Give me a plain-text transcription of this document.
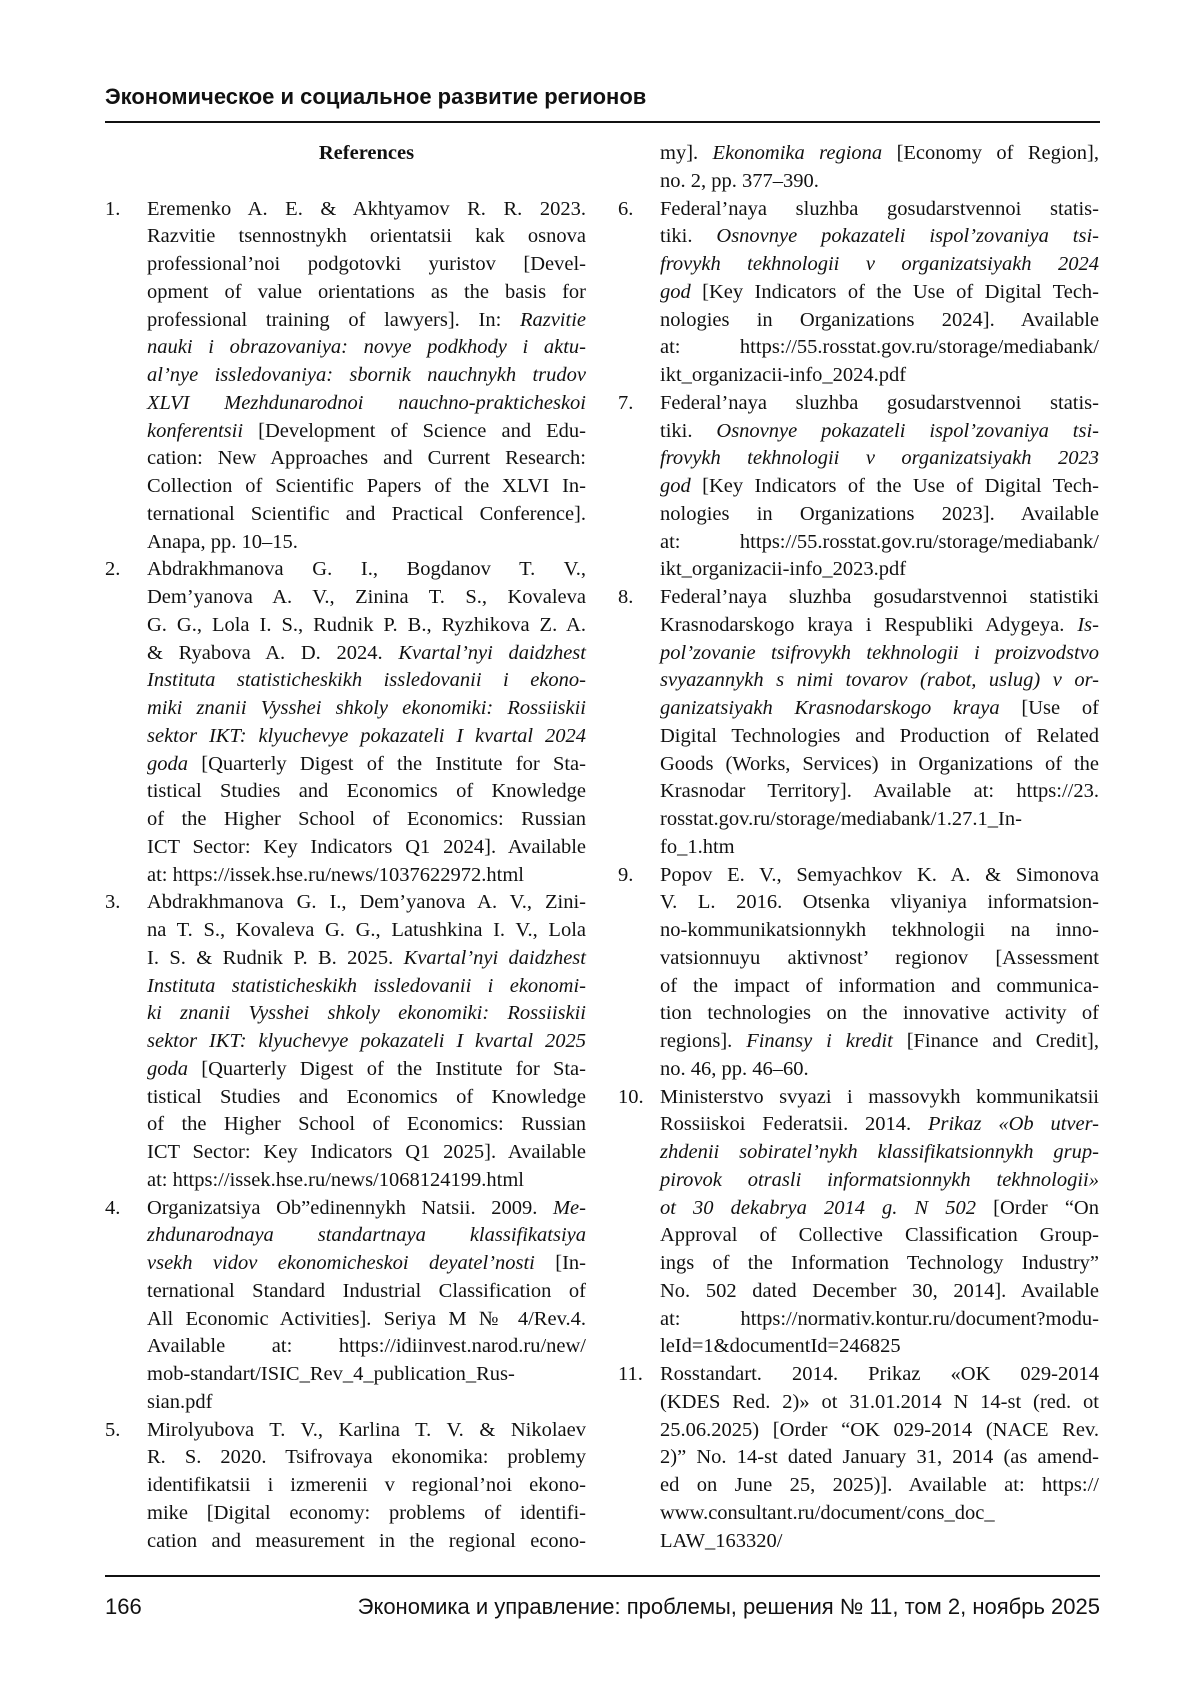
Экономическое и социальное развитие регионов
References
1. Eremenko A. E. & Akhtyamov R. R. 2023.
Razvitie tsennostnykh orientatsii kak osnova
professional’noi podgotovki yuristov [Devel-
opment of value orientations as the basis for
professional training of lawyers]. In: Razvitie
nauki i obrazovaniya: novye podkhody i aktu-
al’nye issledovaniya: sbornik nauchnykh trudov
XLVI Mezhdunarodnoi nauchno-prakticheskoi
konferentsii [Development of Science and Edu-
cation: New Approaches and Current Research:
Collection of Scientific Papers of the XLVI In-
ternational Scientific and Practical Conference].
Anapa, pp. 10–15.
2. Abdrakhmanova G. I., Bogdanov T. V.,
Dem’yanova A. V., Zinina T. S., Kovaleva
G. G., Lola I. S., Rudnik P. B., Ryzhikova Z. A.
& Ryabova A. D. 2024. Kvartal’nyi daidzhest
Instituta statisticheskikh issledovanii i ekono-
miki znanii Vysshei shkoly ekonomiki: Rossiiskii
sektor IKT: klyuchevye pokazateli I kvartal 2024
goda [Quarterly Digest of the Institute for Sta-
tistical Studies and Economics of Knowledge
of the Higher School of Economics: Russian
ICT Sector: Key Indicators Q1 2024]. Available
at: https://issek.hse.ru/news/1037622972.html
3. Abdrakhmanova G. I., Dem’yanova A. V., Zini-
na T. S., Kovaleva G. G., Latushkina I. V., Lola
I. S. & Rudnik P. B. 2025. Kvartal’nyi daidzhest
Instituta statisticheskikh issledovanii i ekonomi-
ki znanii Vysshei shkoly ekonomiki: Rossiiskii
sektor IKT: klyuchevye pokazateli I kvartal 2025
goda [Quarterly Digest of the Institute for Sta-
tistical Studies and Economics of Knowledge
of the Higher School of Economics: Russian
ICT Sector: Key Indicators Q1 2025]. Available
at: https://issek.hse.ru/news/1068124199.html
4. Organizatsiya Ob”edinennykh Natsii. 2009. Me-
zhdunarodnaya standartnaya klassifikatsiya
vsekh vidov ekonomicheskoi deyatel’nosti [In-
ternational Standard Industrial Classification of
All Economic Activities]. Seriya M № 4/Rev.4.
Available at: https://idiinvest.narod.ru/new/
mob-standart/ISIC_Rev_4_publication_Rus-
sian.pdf
5. Mirolyubova T. V., Karlina T. V. & Nikolaev
R. S. 2020. Tsifrovaya ekonomika: problemy
identifikatsii i izmerenii v regional’noi ekono-
mike [Digital economy: problems of identifi-
cation and measurement in the regional econo-
my]. Ekonomika regiona [Economy of Region],
no. 2, pp. 377–390.
6. Federal’naya sluzhba gosudarstvennoi statis-
tiki. Osnovnye pokazateli ispol’zovaniya tsi-
frovykh tekhnologii v organizatsiyakh 2024
god [Key Indicators of the Use of Digital Tech-
nologies in Organizations 2024]. Available
at: https://55.rosstat.gov.ru/storage/mediabank/
ikt_organizacii-info_2024.pdf
7. Federal’naya sluzhba gosudarstvennoi statis-
tiki. Osnovnye pokazateli ispol’zovaniya tsi-
frovykh tekhnologii v organizatsiyakh 2023
god [Key Indicators of the Use of Digital Tech-
nologies in Organizations 2023]. Available
at: https://55.rosstat.gov.ru/storage/mediabank/
ikt_organizacii-info_2023.pdf
8. Federal’naya sluzhba gosudarstvennoi statistiki
Krasnodarskogo kraya i Respubliki Adygeya. Is-
pol’zovanie tsifrovykh tekhnologii i proizvodstvo
svyazannykh s nimi tovarov (rabot, uslug) v or-
ganizatsiyakh Krasnodarskogo kraya [Use of
Digital Technologies and Production of Related
Goods (Works, Services) in Organizations of the
Krasnodar Territory]. Available at: https://23.
rosstat.gov.ru/storage/mediabank/1.27.1_In-
fo_1.htm
9. Popov E. V., Semyachkov K. A. & Simonova
V. L. 2016. Otsenka vliyaniya informatsion-
no-kommunikatsionnykh tekhnologii na inno-
vatsionnuyu aktivnost’ regionov [Assessment
of the impact of information and communica-
tion technologies on the innovative activity of
regions]. Finansy i kredit [Finance and Credit],
no. 46, pp. 46–60.
10. Ministerstvo svyazi i massovykh kommunikatsii
Rossiiskoi Federatsii. 2014. Prikaz «Ob utver-
zhdenii sobiratel’nykh klassifikatsionnykh grup-
pirovok otrasli informatsionnykh tekhnologii»
ot 30 dekabrya 2014 g. N 502 [Order “On
Approval of Collective Classification Group-
ings of the Information Technology Industry”
No. 502 dated December 30, 2014]. Available
at: https://normativ.kontur.ru/document?modu-
leId=1&documentId=246825
11. Rosstandart. 2014. Prikaz «OK 029-2014
(KDES Red. 2)» ot 31.01.2014 N 14-st (red. ot
25.06.2025) [Order “OK 029-2014 (NACE Rev.
2)” No. 14-st dated January 31, 2014 (as amend-
ed on June 25, 2025)]. Available at: https://
www.consultant.ru/document/cons_doc_
LAW_163320/
166	Экономика и управление: проблемы, решения № 11, том 2, ноябрь 2025
